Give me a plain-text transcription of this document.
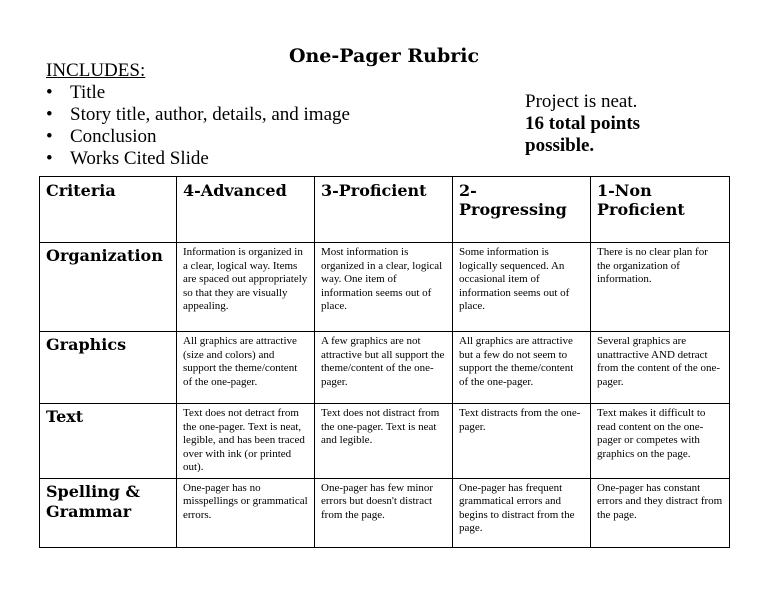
One-Pager Rubric

INCLUDES:

• Title
• Story title, author, details, and image
• Conclusion
• Works Cited Slide
Project is neat.
16 total points
possible.
Criteria	4-Advanced	3-Proficient	2-Progressing	1-Non Proficient
Organization	Information is organized in a clear, logical way. Items are spaced out appropriately so that they are visually appealing.	Most information is organized in a clear, logical way. One item of information seems out of place.	Some information is logically sequenced. An occasional item of information seems out of place.	There is no clear plan for the organization of information.
Graphics	All graphics are attractive (size and colors) and support the theme/content of the one-pager.	A few graphics are not attractive but all support the theme/content of the one-pager.	All graphics are attractive but a few do not seem to support the theme/content of the one-pager.	Several graphics are unattractive AND detract from the content of the one-pager.
Text	Text does not detract from the one-pager. Text is neat, legible, and has been traced over with ink (or printed out).	Text does not distract from the one-pager. Text is neat and legible.	Text distracts from the one-pager.	Text makes it difficult to read content on the one-pager or competes with graphics on the page.
Spelling & Grammar	One-pager has no misspellings or grammatical errors.	One-pager has few minor errors but doesn't distract from the page.	One-pager has frequent grammatical errors and begins to distract from the page.	One-pager has constant errors and they distract from the page.
